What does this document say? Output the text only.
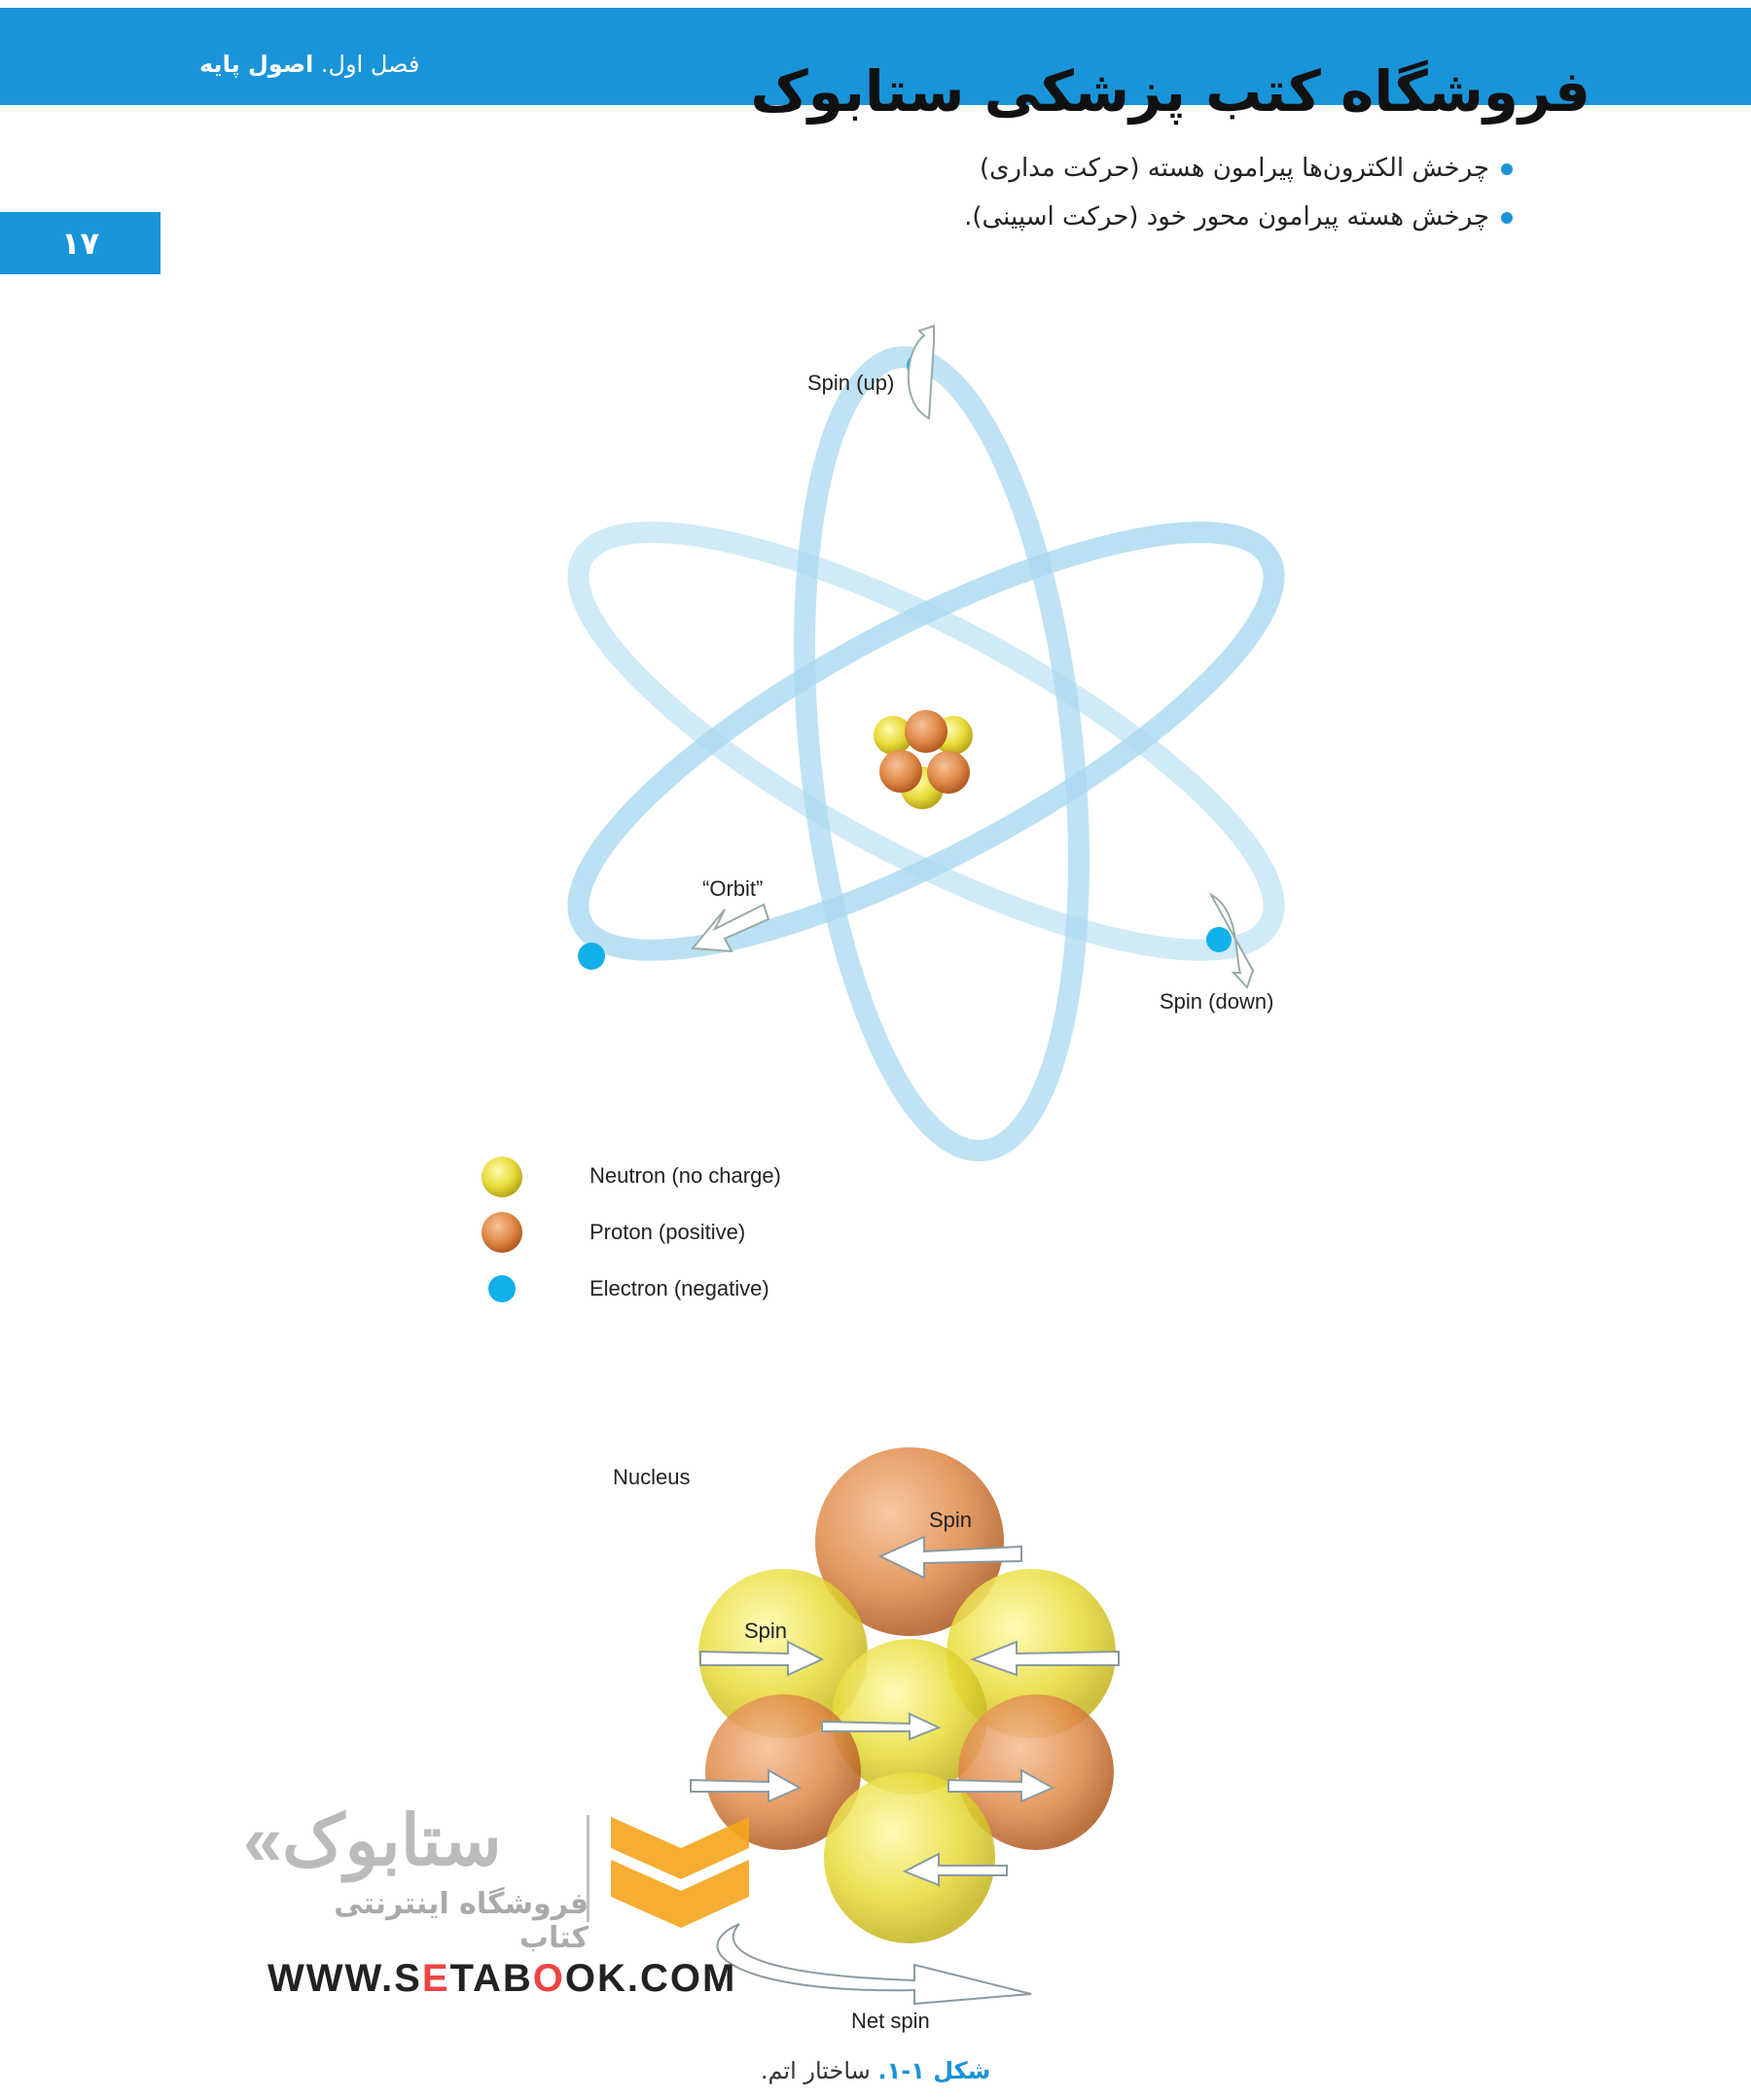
فصل اول. اصول پایه	فروشگاه کتب پزشکی ستابوک
۱۷
چرخش الکترون‌ها پیرامون هسته (حرکت مداری)
چرخش هسته پیرامون محور خود (حرکت اسپینی).
Spin (up)
Spin (down)
“Orbit”
Neutron (no charge)
Proton (positive)
Electron (negative)
Nucleus
Spin
Spin
Net spin
«ستابوک
فروشگاه اینترنتی کتاب
WWW.SETABOOK.COM
شکل ۱-۱. ساختار اتم.
